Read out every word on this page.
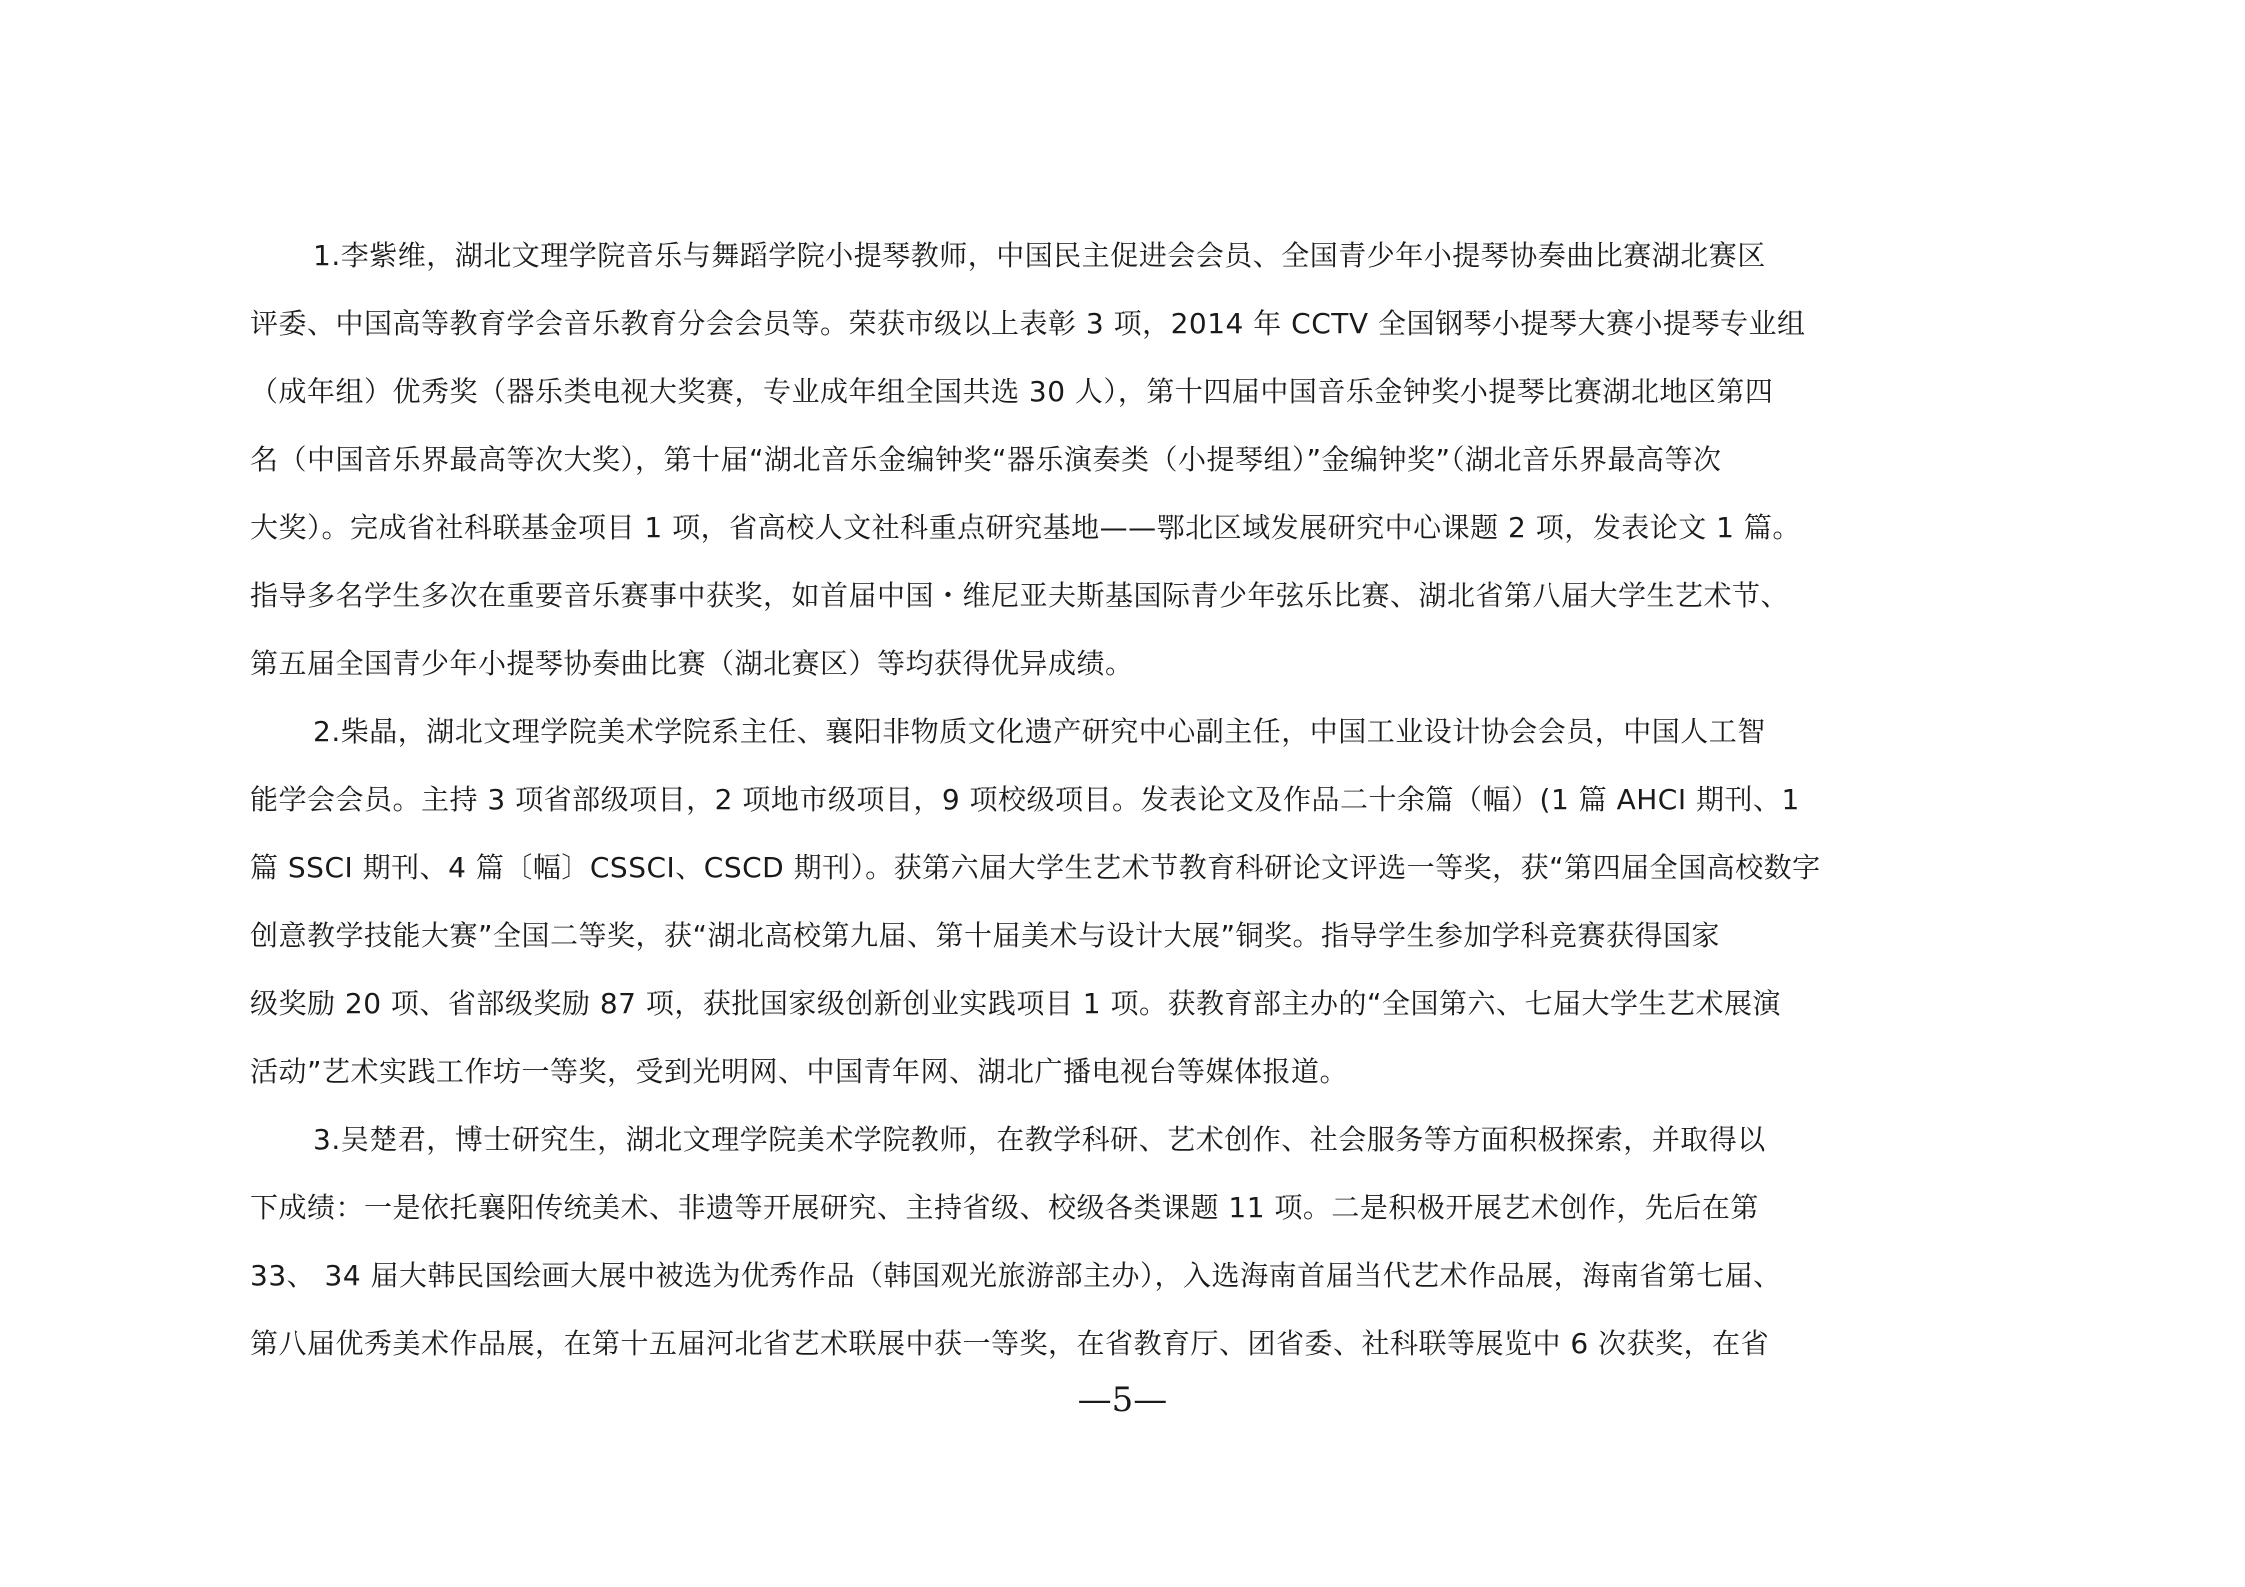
1.李紫维，湖北文理学院音乐与舞蹈学院小提琴教师，中国民主促进会会员、全国青少年小提琴协奏曲比赛湖北赛区
评委、中国高等教育学会音乐教育分会会员等。荣获市级以上表彰 3 项，2014 年 CCTV 全国钢琴小提琴大赛小提琴专业组
（成年组）优秀奖（器乐类电视大奖赛，专业成年组全国共选 30 人），第十四届中国音乐金钟奖小提琴比赛湖北地区第四
名（中国音乐界最高等次大奖），第十届“湖北音乐金编钟奖“器乐演奏类（小提琴组）”金编钟奖”（湖北音乐界最高等次
大奖）。完成省社科联基金项目 1 项，省高校人文社科重点研究基地——鄂北区域发展研究中心课题 2 项，发表论文 1 篇。
指导多名学生多次在重要音乐赛事中获奖，如首届中国・维尼亚夫斯基国际青少年弦乐比赛、湖北省第八届大学生艺术节、
第五届全国青少年小提琴协奏曲比赛（湖北赛区）等均获得优异成绩。
2.柴晶，湖北文理学院美术学院系主任、襄阳非物质文化遗产研究中心副主任，中国工业设计协会会员，中国人工智
能学会会员。主持 3 项省部级项目，2 项地市级项目，9 项校级项目。发表论文及作品二十余篇（幅）(1 篇 AHCI 期刊、1
篇 SSCI 期刊、4 篇〔幅〕CSSCI、CSCD 期刊）。获第六届大学生艺术节教育科研论文评选一等奖，获“第四届全国高校数字
创意教学技能大赛”全国二等奖，获“湖北高校第九届、第十届美术与设计大展”铜奖。指导学生参加学科竞赛获得国家
级奖励 20 项、省部级奖励 87 项，获批国家级创新创业实践项目 1 项。获教育部主办的“全国第六、七届大学生艺术展演
活动”艺术实践工作坊一等奖，受到光明网、中国青年网、湖北广播电视台等媒体报道。
3.吴楚君，博士研究生，湖北文理学院美术学院教师，在教学科研、艺术创作、社会服务等方面积极探索，并取得以
下成绩：一是依托襄阳传统美术、非遗等开展研究、主持省级、校级各类课题 11 项。二是积极开展艺术创作，先后在第
33、 34 届大韩民国绘画大展中被选为优秀作品（韩国观光旅游部主办），入选海南首届当代艺术作品展，海南省第七届、
第八届优秀美术作品展，在第十五届河北省艺术联展中获一等奖，在省教育厅、团省委、社科联等展览中 6 次获奖，在省
—5—
